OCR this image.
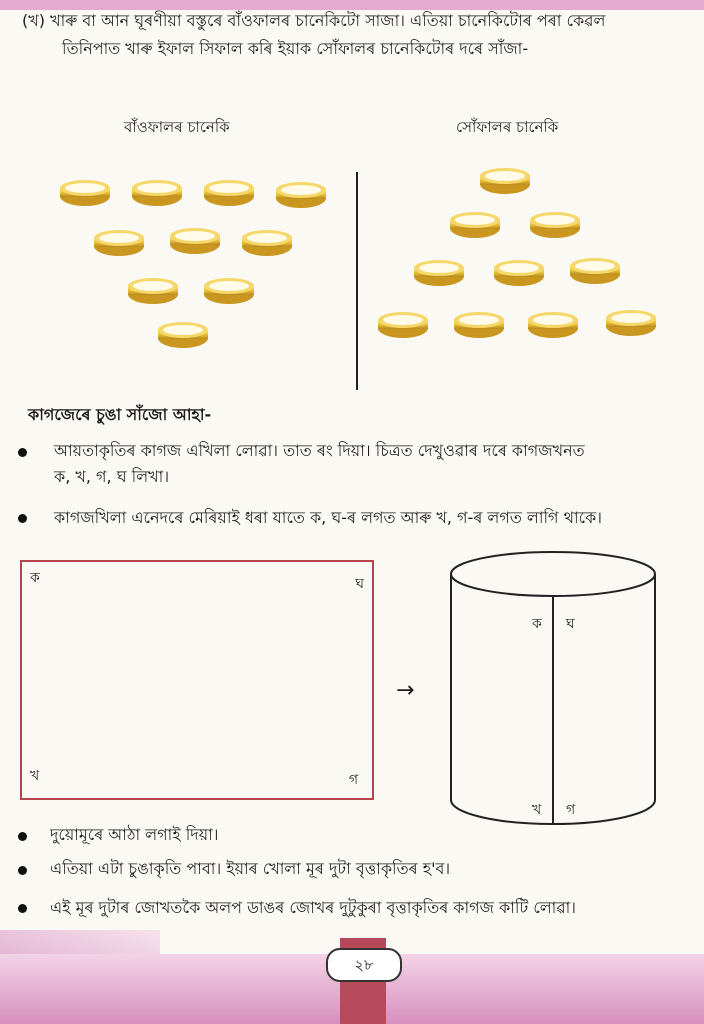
(খ) খাৰু বা আন ঘূৰণীয়া বস্তুৰে বাঁওফালৰ চানেকিটো সাজা। এতিয়া চানেকিটোৰ পৰা কেৱল
তিনিপাত খাৰু ইফাল সিফাল কৰি ইয়াক সোঁফালৰ চানেকিটোৰ দৰে সাঁজা-
বাঁওফালৰ চানেকি	সোঁফালৰ চানেকি
কাগজেৰে চুঙা সাঁজো আহা-
আয়তাকৃতিৰ কাগজ এখিলা লোৱা। তাত ৰং দিয়া। চিত্ৰত দেখুওৱাৰ দৰে কাগজখনত
ক, খ, গ, ঘ লিখা।
কাগজখিলা এনেদৰে মেৰিয়াই ধৰা যাতে ক, ঘ-ৰ লগত আৰু খ, গ-ৰ লগত লাগি থাকে।
ক	ঘ
খ	গ
→
ক ঘ
খ গ
দুয়োমূৰে আঠা লগাই দিয়া।
এতিয়া এটা চুঙাকৃতি পাবা। ইয়াৰ খোলা মূৰ দুটা বৃত্তাকৃতিৰ হ'ব।
এই মূৰ দুটাৰ জোখতকৈ অলপ ডাঙৰ জোখৰ দুটুকুৰা বৃত্তাকৃতিৰ কাগজ কাটি লোৱা।
২৮
